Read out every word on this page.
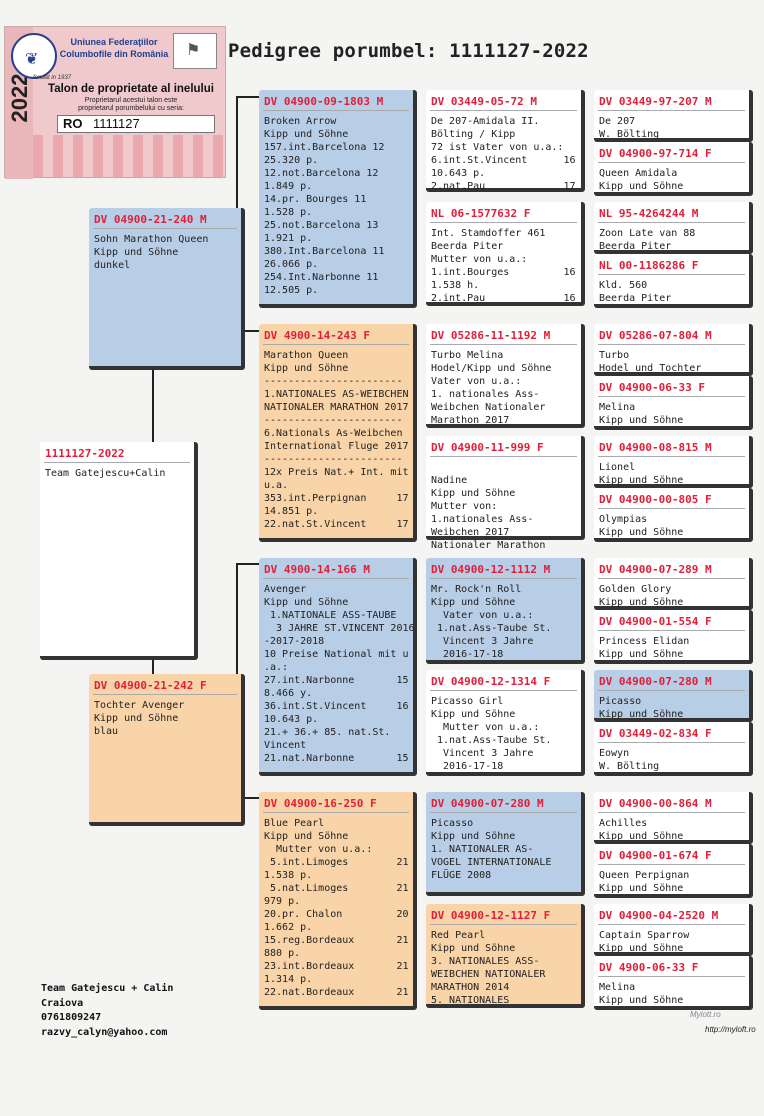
Pedigree porumbel: 1111127-2022
2022
❦
Uniunea Federaţiilor
Columbofile din România
fondat in 1937
⚑
Talon de proprietate al inelului
Proprietarul acestui talon este
proprietarul porumbelului cu seria:
RO 1111127
1111127-2022
Team Gatejescu+Calin
DV 04900-21-240 M
Sohn Marathon Queen
Kipp und Söhne
dunkel
DV 04900-21-242 F
Tochter Avenger
Kipp und Söhne
blau
DV 04900-09-1803 M
Broken Arrow
Kipp und Söhne
157.int.Barcelona 12
25.320 p.
12.not.Barcelona 12
1.849 p.
14.pr. Bourges 11
1.528 p.
25.not.Barcelona 13
1.921 p.
380.Int.Barcelona 11
26.066 p.
254.Int.Narbonne 11
12.505 p.
DV 4900-14-243 F
Marathon Queen
Kipp und Söhne
-----------------------
1.NATIONALES AS-WEIBCHEN
NATIONALER MARATHON 2017
-----------------------
6.Nationals As-Weibchen
International Fluge 2017
-----------------------
12x Preis Nat.+ Int. mit
u.a.
353.int.Perpignan     17
14.851 p.
22.nat.St.Vincent     17
DV 4900-14-166 M
Avenger
Kipp und Söhne
1.NATIONALE ASS-TAUBE
3 JAHRE ST.VINCENT 2016
-2017-2018
10 Preise National mit u
.a.:
27.int.Narbonne       15
8.466 y.
36.int.St.Vincent     16
10.643 p.
21.+ 36.+ 85. nat.St.
Vincent
21.nat.Narbonne       15
DV 04900-16-250 F
Blue Pearl
Kipp und Söhne
Mutter von u.a.:
5.int.Limoges        21
1.538 p.
5.nat.Limoges        21
979 p.
20.pr. Chalon         20
1.662 p.
15.reg.Bordeaux       21
880 p.
23.int.Bordeaux       21
1.314 p.
22.nat.Bordeaux       21
DV 03449-05-72 M
De 207-Amidala II.
Bölting / Kipp
72 ist Vater von u.a.:
6.int.St.Vincent      16
10.643 p.
2.nat.Pau             17
NL 06-1577632 F
Int. Stamdoffer 461
Beerda Piter
Mutter von u.a.:
1.int.Bourges         16
1.538 h.
2.int.Pau             16
DV 05286-11-1192 M
Turbo Melina
Hodel/Kipp und Söhne
Vater von u.a.:
1. nationales Ass-
Weibchen Nationaler
Marathon 2017
DV 04900-11-999 F

Nadine
Kipp und Söhne
Mutter von:
1.nationales Ass-
Weibchen 2017
Nationaler Marathon
DV 04900-12-1112 M
Mr. Rock'n Roll
Kipp und Söhne
Vater von u.a.:
1.nat.Ass-Taube St.
Vincent 3 Jahre
2016-17-18
DV 04900-12-1314 F
Picasso Girl
Kipp und Söhne
Mutter von u.a.:
1.nat.Ass-Taube St.
Vincent 3 Jahre
2016-17-18
DV 04900-07-280 M
Picasso
Kipp und Söhne
1. NATIONALER AS-
VOGEL INTERNATIONALE
FLÜGE 2008
DV 04900-12-1127 F
Red Pearl
Kipp und Söhne
3. NATIONALES ASS-
WEIBCHEN NATIONALER
MARATHON 2014
5. NATIONALES
DV 03449-97-207 M
De 207
W. Bölting
DV 04900-97-714 F
Queen Amidala
Kipp und Söhne
NL 95-4264244 M
Zoon Late van 88
Beerda Piter
NL 00-1186286 F
Kld. 560
Beerda Piter
DV 05286-07-804 M
Turbo
Hodel und Tochter
DV 04900-06-33 F
Melina
Kipp und Söhne
DV 04900-08-815 M
Lionel
Kipp und Söhne
DV 04900-00-805 F
Olympias
Kipp und Söhne
DV 04900-07-289 M
Golden Glory
Kipp und Söhne
DV 04900-01-554 F
Princess Elidan
Kipp und Söhne
DV 04900-07-280 M
Picasso
Kipp und Söhne
DV 03449-02-834 F
Eowyn
W. Bölting
DV 04900-00-864 M
Achilles
Kipp und Söhne
DV 04900-01-674 F
Queen Perpignan
Kipp und Söhne
DV 04900-04-2520 M
Captain Sparrow
Kipp und Söhne
DV 4900-06-33 F
Melina
Kipp und Söhne
Team Gatejescu + Calin
Craiova
0761809247
razvy_calyn@yahoo.com
Mylott.ro
http://myloft.ro
